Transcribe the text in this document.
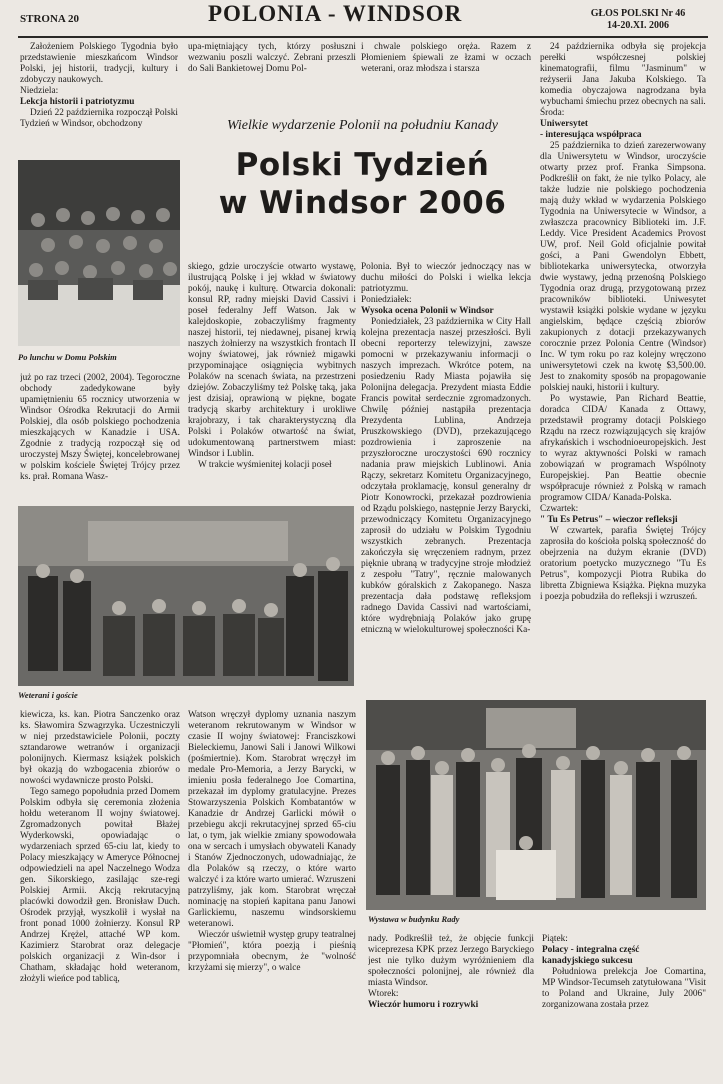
STRONA 20	POLONIA - WINDSOR	GŁOS POLSKI Nr 46
14-20.XI. 2006

Założeniem Polskiego Tygodnia było przedstawienie mieszkańcom Windsor Polski, jej historii, tradycji, kultury i zdobyczy naukowych.

Niedziela:

Lekcja historii i patriotyzmu

Dzień 22 października rozpoczął Polski Tydzień w Windsor, obchodzony

upa-miętniający tych, którzy posłuszni wezwaniu poszli walczyć. Zebrani przeszli do Sali Bankietowej Domu Pol-

i chwale polskiego oręża. Razem z Płomieniem śpiewali ze łzami w oczach weterani, oraz młodsza i starsza

Wielkie wydarzenie Polonii na południu Kanady
Polski Tydzień
w Windsor 2006
Po lunchu w Domu Polskim

już po raz trzeci (2002, 2004). Tegoroczne obchody zadedykowane były upamiętnieniu 65 rocznicy utworzenia w Windsor Ośrodka Rekrutacji do Armii Polskiej, dla osób polskiego pochodzenia mieszkających w Kanadzie i USA. Zgodnie z tradycją rozpoczął się od uroczystej Mszy Świętej, koncelebrowanej w polskim kościele Świętej Trójcy przez ks. prał. Romana Wasz-

skiego, gdzie uroczyście otwarto wystawę, ilustrującą Polskę i jej wkład w światowy pokój, naukę i kulturę. Otwarcia dokonali: konsul RP, radny miejski David Cassivi i poseł federalny Jeff Watson. Jak w kalejdoskopie, zobaczyliśmy fragmenty naszej historii, tej niedawnej, pisanej krwią naszych żołnierzy na wszystkich frontach II wojny światowej, jak również migawki przypominające osiągnięcia wybitnych Polaków na scenach świata, na przestrzeni dziejów. Zobaczyliśmy też Polskę taką, jaka jest dzisiaj, oprawioną w piękne, bogate tradycją skarby architektury i urokliwe krajobrazy, i tak charakterystyczną dla Polski i Polaków otwartość na świat, udokumentowaną partnerstwem miast: Windsor i Lublin.

W trakcie wyśmienitej kolacji poseł

Polonia. Był to wieczór jednoczący nas w duchu miłości do Polski i wielka lekcja patriotyzmu.

Poniedziałek:

Wysoka ocena Polonii w Windsor

Poniedziałek, 23 października w City Hall kolejna prezentacja naszej przeszłości. Byli obecni reporterzy telewizyjni, zawsze pomocni w przekazywaniu informacji o naszych imprezach. Wkrótce potem, na posiedzeniu Rady Miasta pojawiła się Polonijna delegacja. Prezydent miasta Eddie Francis powitał serdecznie zgromadzonych. Chwilę później nastąpiła prezentacja Prezydenta Lublina, Andrzeja Pruszkowskiego (DVD), przekazującego pozdrowienia i zaproszenie na przyszłoroczne uroczystości 690 rocznicy nadania praw miejskich Lublinowi. Ania Rączy, sekretarz Komitetu Organizacyjnego, odczytała proklamację, konsul generalny dr Piotr Konowrocki, przekazał pozdrowienia od Rządu polskiego, następnie Jerzy Barycki, przewodniczący Komitetu Organizacyjnego zaprosił do udziału w Polskim Tygodniu wszystkich zebranych. Prezentacja zakończyła się wręczeniem radnym, przez pięknie ubraną w tradycyjne stroje młodzież z zespołu "Tatry", ręcznie malowanych kubków góralskich z Zakopanego. Nasza prezentacja dała podstawę refleksjom radnego Davida Cassivi nad wartościami, które wydrębniają Polaków jako grupę etniczną w wielokulturowej społeczności Ka-

24 października odbyła się projekcja perełki współczesnej polskiej kinematografii, filmu "Jasminum" w reżyserii Jana Jakuba Kolskiego. Ta komedia obyczajowa nagrodzana była wybuchami śmiechu przez obecnych na sali.

Środa:

Uniwersytet

- interesująca współpraca

25 października to dzień zarezerwowany dla Uniwersytetu w Windsor, uroczyście otwarty przez prof. Franka Simpsona. Podkreślił on fakt, że nie tylko Polacy, ale także ludzie nie polskiego pochodzenia mają duży wkład w wydarzenia Polskiego Tygodnia na Uniwersytecie w Windsor, a zwłaszcza pracownicy Biblioteki im. J.F. Leddy. Vice President Academics Provost UW, prof. Neil Gold oficjalnie powitał gości, a Pani Gwendolyn Ebbett, bibliotekarka uniwersytecka, otworzyła dwie wystawy, jedną przenośną Polskiego Tygodnia oraz drugą, przygotowaną przez pracowników biblioteki. Uniwesytet wystawił książki polskie wydane w języku angielskim, będące częścią zbiorów zakupionych z dotacji przekazywanych corocznie przez Polonia Centre (Windsor) Inc. W tym roku po raz kolejny wręczono uniwersytetowi czek na kwotę $3,500.00. Jest to znakomity sposób na propagowanie polskiej nauki, historii i kultury.

Po wystawie, Pan Richard Beattie, doradca CIDA/ Kanada z Ottawy, przedstawił programy dotacji Polskiego Rządu na rzecz rozwiązujących się krajów afrykańskich i wschodnioeuropejskich. Jest to wyraz aktywności Polski w ramach zobowiązań w programach Wspólnoty Europejskiej. Pan Beattie obecnie współpracuje również z Polską w ramach programow CIDA/ Kanada-Polska.

Czwartek:

" Tu Es Petrus" – wieczor refleksji

W czwartek, parafia Świętej Trójcy zaprosiła do kościoła polską społeczność do obejrzenia na dużym ekranie (DVD) oratorium poetycko muzycznego "Tu Es Petrus", kompozycji Piotra Rubika do libretta Zbigniewa Książka. Piękna muzyka i poezja pobudziła do refleksji i wzruszeń.

Weterani i goście

kiewicza, ks. kan. Piotra Sanczenko oraz ks. Sławomira Szwagrzyka. Uczestniczyli w niej przedstawiciele Polonii, poczty sztandarowe wetranów i organizacji polonijnych. Kiermasz książek polskich był okazją do wzbogacenia zbiorów o nowości wydawnicze prosto Polski.

Tego samego popołudnia przed Domem Polskim odbyła się ceremonia złożenia hołdu weteranom II wojny światowej. Zgromadzonych powitał Błażej Wyderkowski, opowiadając o wydarzeniach sprzed 65-ciu lat, kiedy to Polacy mieszkający w Ameryce Północnej odpowiedzieli na apel Naczelnego Wodza gen. Sikorskiego, zasilając sze-regi Polskiej Armii. Akcją rekrutacyjną placówki dowodził gen. Bronisław Duch. Ośrodek przyjął, wyszkolił i wysłał na front ponad 1000 żołnierzy. Konsul RP Andrzej Krężel, attaché WP kom. Kazimierz Starobrat oraz delegacje polskich organizacji z Win-dsor i Chatham, składając hołd weteranom, złożyli wieńce pod tablicą,

Watson wręczył dyplomy uznania naszym weteranom rekrutowanym w Windsor w czasie II wojny światowej: Franciszkowi Bieleckiemu, Janowi Sali i Janowi Wilkowi (pośmiertnie). Kom. Starobrat wręczył im medale Pro-Memoria, a Jerzy Barycki, w imieniu posła federalnego Joe Comartina, przekazał im dyplomy gratulacyjne. Prezes Stowarzyszenia Polskich Kombatantów w Kanadzie dr Andrzej Garlicki mówił o przebiegu akcji rekrutacyjnej sprzed 65-ciu lat, o tym, jak wielkie zmiany spowodowała ona w sercach i umysłach obywateli Kanady i Stanów Zjednoczonych, udowadniając, że dla Polaków są rzeczy, o które warto walczyć i za które warto umierać. Wzruszeni patrzyliśmy, jak kom. Starobrat wręczał nominację na stopień kapitana panu Janowi Garlickiemu, naszemu windsorskiemu weteranowi.

Wieczór uświetnił występ grupy teatralnej "Płomień", która poezją i pieśnią przypomniała obecnym, że "wolność krzyżami się mierzy", o walce

Wystawa w budynku Rady

nady. Podkreślił też, że objęcie funkcji wiceprezesa KPK przez Jerzego Baryckiego jest nie tylko dużym wyróżnieniem dla społeczności polonijnej, ale również dla miasta Windsor.

Wtorek:

Wieczór humoru i rozrywki

Piątek:

Polacy - integralna część

kanadyjskiego sukcesu

Południowa prelekcja Joe Comartina, MP Windsor-Tecumseh zatytułowana "Visit to Poland and Ukraine, July 2006" zorganizowana została przez
